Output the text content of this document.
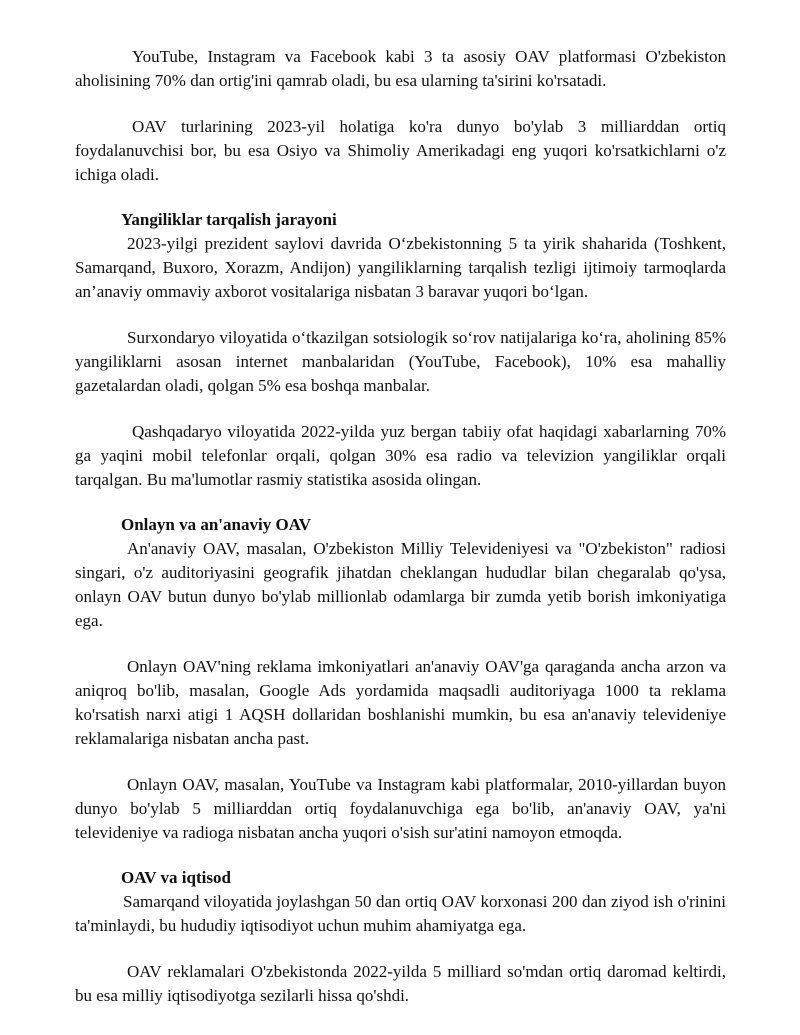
YouTube, Instagram va Facebook kabi 3 ta asosiy OAV platformasi O'zbekiston aholisining 70% dan ortig'ini qamrab oladi, bu esa ularning ta'sirini ko'rsatadi.

OAV turlarining 2023-yil holatiga ko'ra dunyo bo'ylab 3 milliarddan ortiq foydalanuvchisi bor, bu esa Osiyo va Shimoliy Amerikadagi eng yuqori ko'rsatkichlarni o'z ichiga oladi.

Yangiliklar tarqalish jarayoni

2023-yilgi prezident saylovi davrida O‘zbekistonning 5 ta yirik shaharida (Toshkent, Samarqand, Buxoro, Xorazm, Andijon) yangiliklarning tarqalish tezligi ijtimoiy tarmoqlarda an’anaviy ommaviy axborot vositalariga nisbatan 3 baravar yuqori bo‘lgan.

Surxondaryo viloyatida o‘tkazilgan sotsiologik so‘rov natijalariga ko‘ra, aholining 85% yangiliklarni asosan internet manbalaridan (YouTube, Facebook), 10% esa mahalliy gazetalardan oladi, qolgan 5% esa boshqa manbalar.

Qashqadaryo viloyatida 2022-yilda yuz bergan tabiiy ofat haqidagi xabarlarning 70% ga yaqini mobil telefonlar orqali, qolgan 30% esa radio va televizion yangiliklar orqali tarqalgan. Bu ma'lumotlar rasmiy statistika asosida olingan.

Onlayn va an'anaviy OAV

An'anaviy OAV, masalan, O'zbekiston Milliy Televideniyesi va "O'zbekiston" radiosi singari, o'z auditoriyasini geografik jihatdan cheklangan hududlar bilan chegaralab qo'ysa, onlayn OAV butun dunyo bo'ylab millionlab odamlarga bir zumda yetib borish imkoniyatiga ega.

Onlayn OAV'ning reklama imkoniyatlari an'anaviy OAV'ga qaraganda ancha arzon va aniqroq bo'lib, masalan, Google Ads yordamida maqsadli auditoriyaga 1000 ta reklama ko'rsatish narxi atigi 1 AQSH dollaridan boshlanishi mumkin, bu esa an'anaviy televideniye reklamalariga nisbatan ancha past.

Onlayn OAV, masalan, YouTube va Instagram kabi platformalar, 2010-yillardan buyon dunyo bo'ylab 5 milliarddan ortiq foydalanuvchiga ega bo'lib, an'anaviy OAV, ya'ni televideniye va radioga nisbatan ancha yuqori o'sish sur'atini namoyon etmoqda.

OAV va iqtisod

Samarqand viloyatida joylashgan 50 dan ortiq OAV korxonasi 200 dan ziyod ish o'rinini ta'minlaydi, bu hududiy iqtisodiyot uchun muhim ahamiyatga ega.

OAV reklamalari O'zbekistonda 2022-yilda 5 milliard so'mdan ortiq daromad keltirdi, bu esa milliy iqtisodiyotga sezilarli hissa qo'shdi.
